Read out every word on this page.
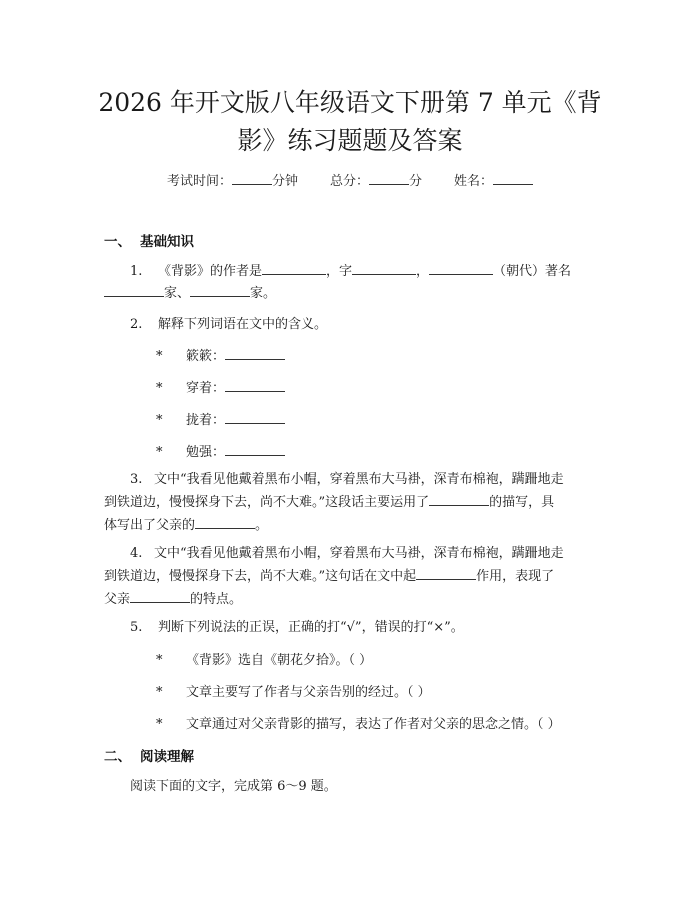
2026 年开文版八年级语文下册第 7 单元《背
影》练习题题及答案
考试时间：	分钟 总分：	分 姓名：
一、 基础知识
1. 《背影》的作者是	，字	，	（朝代）著名
家、	家。
2. 解释下列词语在文中的含义。
* 簌簌：
* 穿着：
* 拢着：
* 勉强：
3. 文中“我看见他戴着黑布小帽，穿着黑布大马褂，深青布棉袍，蹒跚地走
到铁道边，慢慢探身下去，尚不大难。”这段话主要运用了	的描写，具
体写出了父亲的	。
4. 文中“我看见他戴着黑布小帽，穿着黑布大马褂，深青布棉袍，蹒跚地走
到铁道边，慢慢探身下去，尚不大难。”这句话在文中起	作用，表现了
父亲	的特点。
5. 判断下列说法的正误，正确的打“√”，错误的打“×”。
* 《背影》选自《朝花夕拾》。（ ）
* 文章主要写了作者与父亲告别的经过。（ ）
* 文章通过对父亲背影的描写，表达了作者对父亲的思念之情。（ ）
二、 阅读理解
阅读下面的文字，完成第 6～9 题。
